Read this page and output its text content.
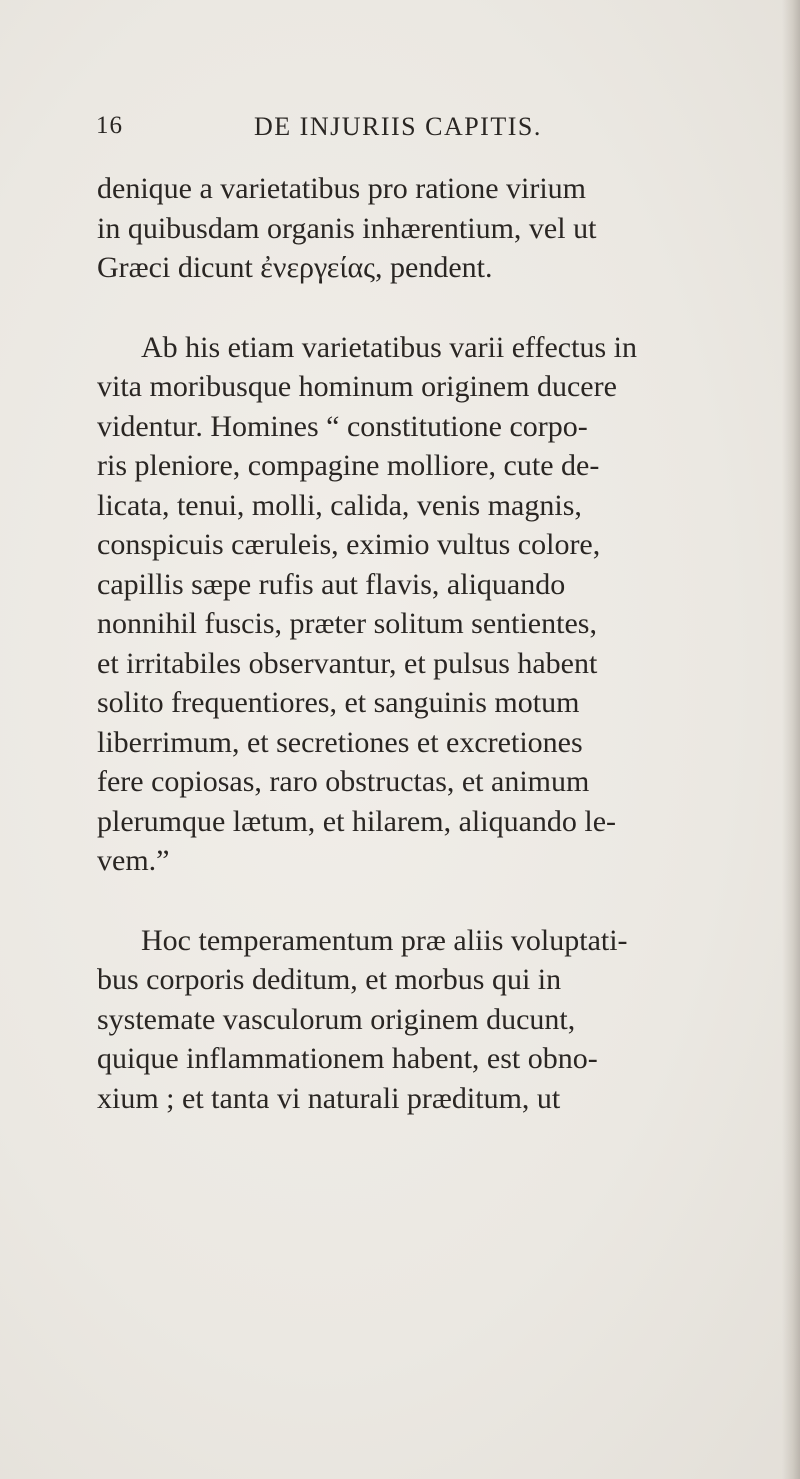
16	DE INJURIIS CAPITIS.
denique a varietatibus pro ratione virium
in quibusdam organis inhærentium, vel ut
Græci dicunt ἐνεργείας, pendent.
Ab his etiam varietatibus varii effectus in
vita moribusque hominum originem ducere
videntur. Homines “ constitutione corpo-
ris pleniore, compagine molliore, cute de-
licata, tenui, molli, calida, venis magnis,
conspicuis cæruleis, eximio vultus colore,
capillis sæpe rufis aut flavis, aliquando
nonnihil fuscis, præter solitum sentientes,
et irritabiles observantur, et pulsus habent
solito frequentiores, et sanguinis motum
liberrimum, et secretiones et excretiones
fere copiosas, raro obstructas, et animum
plerumque lætum, et hilarem, aliquando le-
vem.”
Hoc temperamentum præ aliis voluptati-
bus corporis deditum, et morbus qui in
systemate vasculorum originem ducunt,
quique inflammationem habent, est obno-
xium ; et tanta vi naturali præditum, ut
